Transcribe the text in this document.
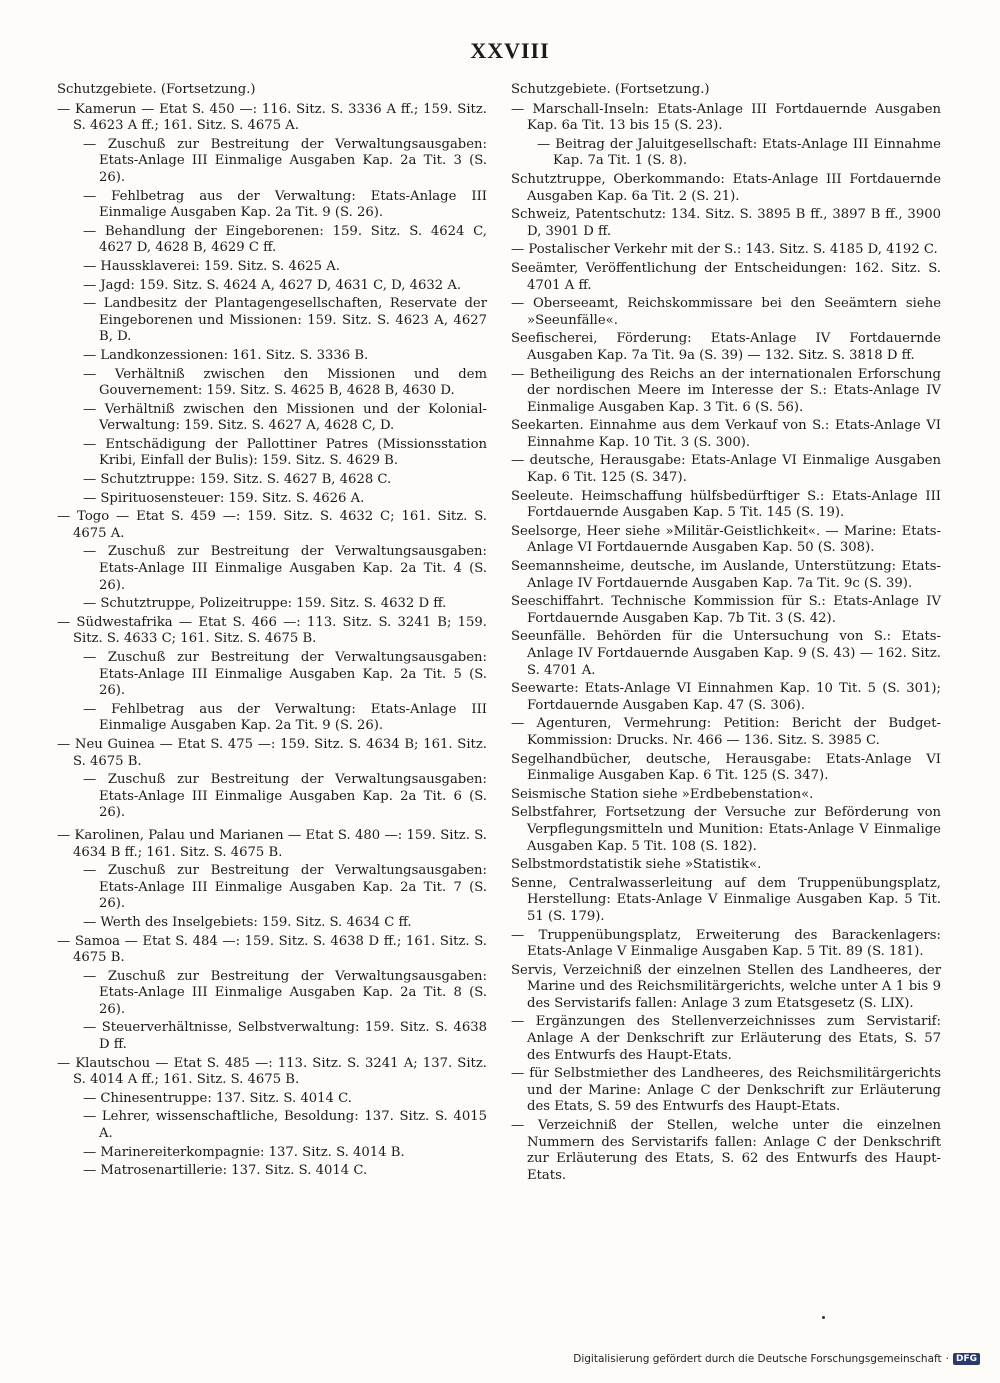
XXVIII
Schutzgebiete. (Fortsetzung.)
— Kamerun — Etat S. 450 —: 116. Sitz. S. 3336 A ff.; 159. Sitz. S. 4623 A ff.; 161. Sitz. S. 4675 A.
— Zuschuß zur Bestreitung der Verwaltungsausgaben: Etats-Anlage III Einmalige Ausgaben Kap. 2a Tit. 3 (S. 26).
— Fehlbetrag aus der Verwaltung: Etats-Anlage III Einmalige Ausgaben Kap. 2a Tit. 9 (S. 26).
— Behandlung der Eingeborenen: 159. Sitz. S. 4624 C, 4627 D, 4628 B, 4629 C ff.
— Haussklaverei: 159. Sitz. S. 4625 A.
— Jagd: 159. Sitz. S. 4624 A, 4627 D, 4631 C, D, 4632 A.
— Landbesitz der Plantagengesellschaften, Reservate der Eingeborenen und Missionen: 159. Sitz. S. 4623 A, 4627 B, D.
— Landkonzessionen: 161. Sitz. S. 3336 B.
— Verhältniß zwischen den Missionen und dem Gouvernement: 159. Sitz. S. 4625 B, 4628 B, 4630 D.
— Verhältniß zwischen den Missionen und der Kolonial-Verwaltung: 159. Sitz. S. 4627 A, 4628 C, D.
— Entschädigung der Pallottiner Patres (Missionsstation Kribi, Einfall der Bulis): 159. Sitz. S. 4629 B.
— Schutztruppe: 159. Sitz. S. 4627 B, 4628 C.
— Spirituosensteuer: 159. Sitz. S. 4626 A.
— Togo — Etat S. 459 —: 159. Sitz. S. 4632 C; 161. Sitz. S. 4675 A.
— Zuschuß zur Bestreitung der Verwaltungsausgaben: Etats-Anlage III Einmalige Ausgaben Kap. 2a Tit. 4 (S. 26).
— Schutztruppe, Polizeitruppe: 159. Sitz. S. 4632 D ff.
— Südwestafrika — Etat S. 466 —: 113. Sitz. S. 3241 B; 159. Sitz. S. 4633 C; 161. Sitz. S. 4675 B.
— Zuschuß zur Bestreitung der Verwaltungsausgaben: Etats-Anlage III Einmalige Ausgaben Kap. 2a Tit. 5 (S. 26).
— Fehlbetrag aus der Verwaltung: Etats-Anlage III Einmalige Ausgaben Kap. 2a Tit. 9 (S. 26).
— Neu Guinea — Etat S. 475 —: 159. Sitz. S. 4634 B; 161. Sitz. S. 4675 B.
— Zuschuß zur Bestreitung der Verwaltungsausgaben: Etats-Anlage III Einmalige Ausgaben Kap. 2a Tit. 6 (S. 26).
— Karolinen, Palau und Marianen — Etat S. 480 —: 159. Sitz. S. 4634 B ff.; 161. Sitz. S. 4675 B.
— Zuschuß zur Bestreitung der Verwaltungsausgaben: Etats-Anlage III Einmalige Ausgaben Kap. 2a Tit. 7 (S. 26).
— Werth des Inselgebiets: 159. Sitz. S. 4634 C ff.
— Samoa — Etat S. 484 —: 159. Sitz. S. 4638 D ff.; 161. Sitz. S. 4675 B.
— Zuschuß zur Bestreitung der Verwaltungsausgaben: Etats-Anlage III Einmalige Ausgaben Kap. 2a Tit. 8 (S. 26).
— Steuerverhältnisse, Selbstverwaltung: 159. Sitz. S. 4638 D ff.
— Klautschou — Etat S. 485 —: 113. Sitz. S. 3241 A; 137. Sitz. S. 4014 A ff.; 161. Sitz. S. 4675 B.
— Chinesentruppe: 137. Sitz. S. 4014 C.
— Lehrer, wissenschaftliche, Besoldung: 137. Sitz. S. 4015 A.
— Marinereiterkompagnie: 137. Sitz. S. 4014 B.
— Matrosenartillerie: 137. Sitz. S. 4014 C.
Schutzgebiete. (Fortsetzung.)
— Marschall-Inseln: Etats-Anlage III Fortdauernde Ausgaben Kap. 6a Tit. 13 bis 15 (S. 23).
— Beitrag der Jaluitgesellschaft: Etats-Anlage III Einnahme Kap. 7a Tit. 1 (S. 8).
Schutztruppe, Oberkommando: Etats-Anlage III Fortdauernde Ausgaben Kap. 6a Tit. 2 (S. 21).
Schweiz, Patentschutz: 134. Sitz. S. 3895 B ff., 3897 B ff., 3900 D, 3901 D ff.
— Postalischer Verkehr mit der S.: 143. Sitz. S. 4185 D, 4192 C.
Seeämter, Veröffentlichung der Entscheidungen: 162. Sitz. S. 4701 A ff.
— Oberseeamt, Reichskommissare bei den Seeämtern siehe »Seeunfälle«.
Seefischerei, Förderung: Etats-Anlage IV Fortdauernde Ausgaben Kap. 7a Tit. 9a (S. 39) — 132. Sitz. S. 3818 D ff.
— Betheiligung des Reichs an der internationalen Erforschung der nordischen Meere im Interesse der S.: Etats-Anlage IV Einmalige Ausgaben Kap. 3 Tit. 6 (S. 56).
Seekarten. Einnahme aus dem Verkauf von S.: Etats-Anlage VI Einnahme Kap. 10 Tit. 3 (S. 300).
— deutsche, Herausgabe: Etats-Anlage VI Einmalige Ausgaben Kap. 6 Tit. 125 (S. 347).
Seeleute. Heimschaffung hülfsbedürftiger S.: Etats-Anlage III Fortdauernde Ausgaben Kap. 5 Tit. 145 (S. 19).
Seelsorge, Heer siehe »Militär-Geistlichkeit«. — Marine: Etats-Anlage VI Fortdauernde Ausgaben Kap. 50 (S. 308).
Seemannsheime, deutsche, im Auslande, Unterstützung: Etats-Anlage IV Fortdauernde Ausgaben Kap. 7a Tit. 9c (S. 39).
Seeschiffahrt. Technische Kommission für S.: Etats-Anlage IV Fortdauernde Ausgaben Kap. 7b Tit. 3 (S. 42).
Seeunfälle. Behörden für die Untersuchung von S.: Etats-Anlage IV Fortdauernde Ausgaben Kap. 9 (S. 43) — 162. Sitz. S. 4701 A.
Seewarte: Etats-Anlage VI Einnahmen Kap. 10 Tit. 5 (S. 301); Fortdauernde Ausgaben Kap. 47 (S. 306).
— Agenturen, Vermehrung: Petition: Bericht der Budget-Kommission: Drucks. Nr. 466 — 136. Sitz. S. 3985 C.
Segelhandbücher, deutsche, Herausgabe: Etats-Anlage VI Einmalige Ausgaben Kap. 6 Tit. 125 (S. 347).
Seismische Station siehe »Erdbebenstation«.
Selbstfahrer, Fortsetzung der Versuche zur Beförderung von Verpflegungsmitteln und Munition: Etats-Anlage V Einmalige Ausgaben Kap. 5 Tit. 108 (S. 182).
Selbstmordstatistik siehe »Statistik«.
Senne, Centralwasserleitung auf dem Truppenübungsplatz, Herstellung: Etats-Anlage V Einmalige Ausgaben Kap. 5 Tit. 51 (S. 179).
— Truppenübungsplatz, Erweiterung des Barackenlagers: Etats-Anlage V Einmalige Ausgaben Kap. 5 Tit. 89 (S. 181).
Servis, Verzeichniß der einzelnen Stellen des Landheeres, der Marine und des Reichsmilitärgerichts, welche unter A 1 bis 9 des Servistarifs fallen: Anlage 3 zum Etatsgesetz (S. LIX).
— Ergänzungen des Stellenverzeichnisses zum Servistarif: Anlage A der Denkschrift zur Erläuterung des Etats, S. 57 des Entwurfs des Haupt-Etats.
— für Selbstmiether des Landheeres, des Reichsmilitärgerichts und der Marine: Anlage C der Denkschrift zur Erläuterung des Etats, S. 59 des Entwurfs des Haupt-Etats.
— Verzeichniß der Stellen, welche unter die einzelnen Nummern des Servistarifs fallen: Anlage C der Denkschrift zur Erläuterung des Etats, S. 62 des Entwurfs des Haupt-Etats.
Digitalisierung gefördert durch die Deutsche Forschungsgemeinschaft · DFG
